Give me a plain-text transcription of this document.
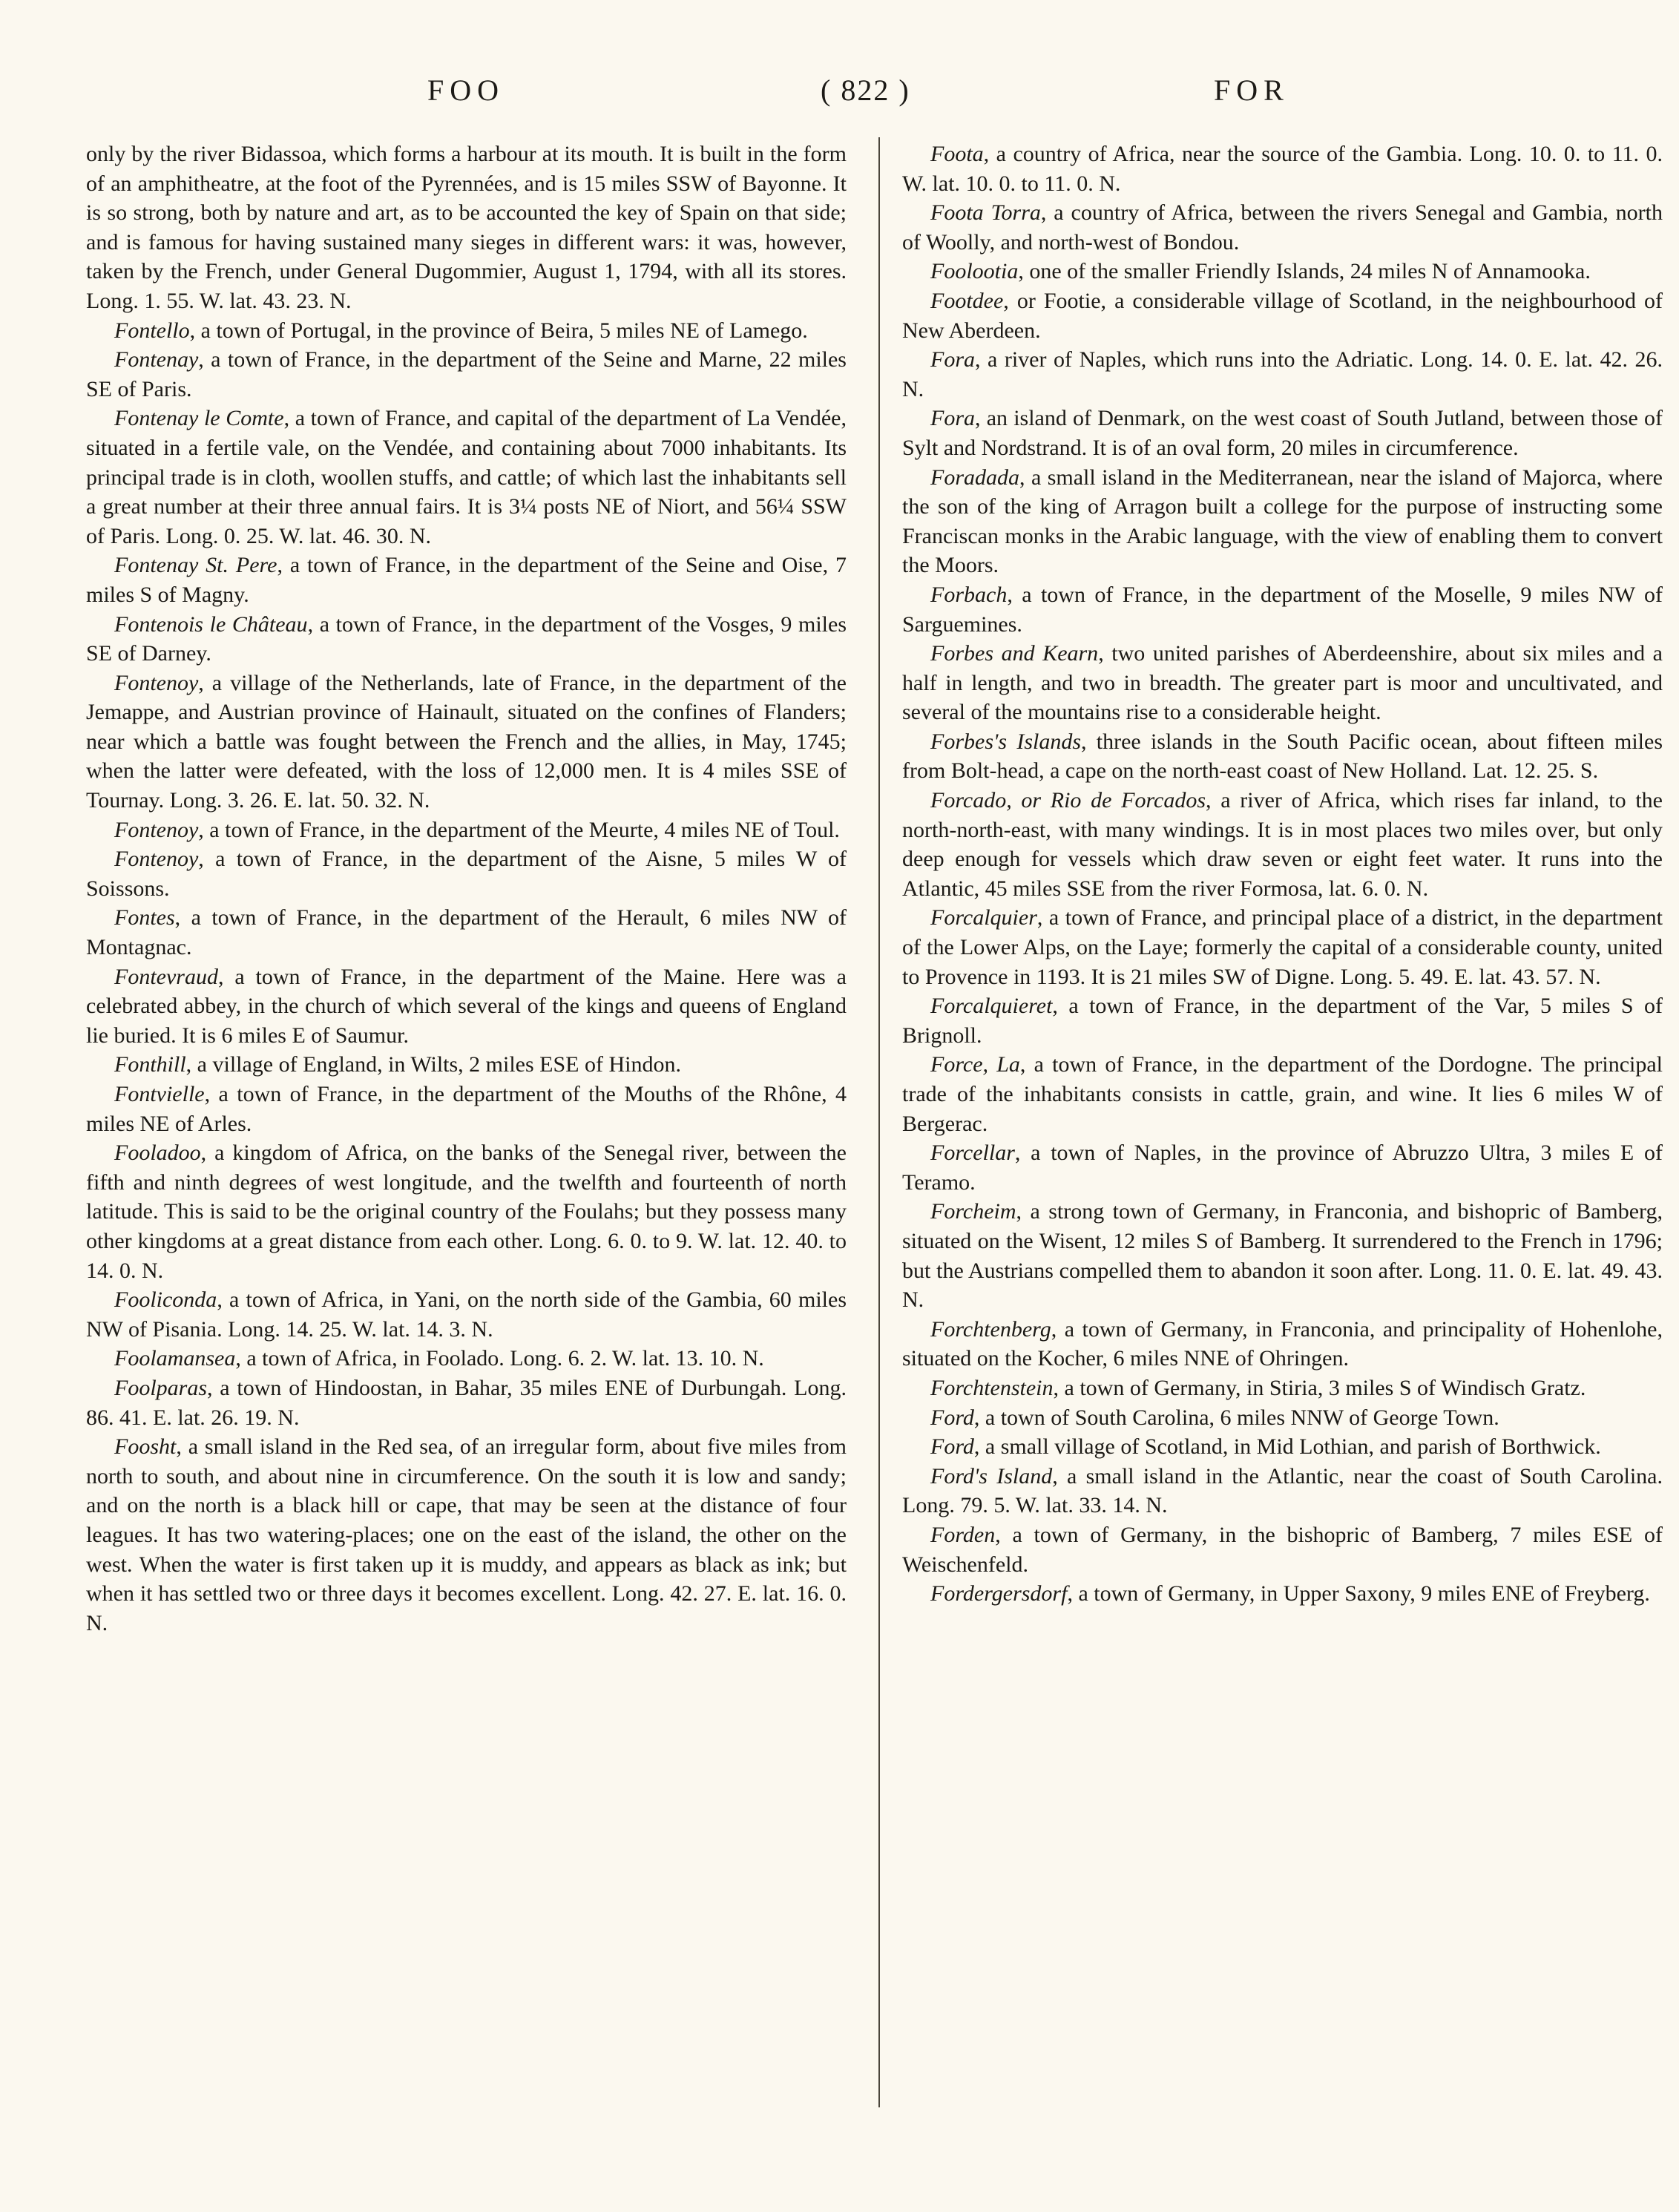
FOO	( 822 )	FOR

only by the river Bidassoa, which forms a harbour at its mouth. It is built in the form of an amphitheatre, at the foot of the Pyrennées, and is 15 miles SSW of Bayonne. It is so strong, both by nature and art, as to be accounted the key of Spain on that side; and is famous for having sustained many sieges in different wars: it was, however, taken by the French, under General Dugommier, August 1, 1794, with all its stores. Long. 1. 55. W. lat. 43. 23. N.

Fontello, a town of Portugal, in the province of Beira, 5 miles NE of Lamego.

Fontenay, a town of France, in the department of the Seine and Marne, 22 miles SE of Paris.

Fontenay le Comte, a town of France, and capital of the department of La Vendée, situated in a fertile vale, on the Vendée, and containing about 7000 inhabitants. Its principal trade is in cloth, woollen stuffs, and cattle; of which last the inhabitants sell a great number at their three annual fairs. It is 3¼ posts NE of Niort, and 56¼ SSW of Paris. Long. 0. 25. W. lat. 46. 30. N.

Fontenay St. Pere, a town of France, in the department of the Seine and Oise, 7 miles S of Magny.

Fontenois le Château, a town of France, in the department of the Vosges, 9 miles SE of Darney.

Fontenoy, a village of the Netherlands, late of France, in the department of the Jemappe, and Austrian province of Hainault, situated on the confines of Flanders; near which a battle was fought between the French and the allies, in May, 1745; when the latter were defeated, with the loss of 12,000 men. It is 4 miles SSE of Tournay. Long. 3. 26. E. lat. 50. 32. N.

Fontenoy, a town of France, in the department of the Meurte, 4 miles NE of Toul.

Fontenoy, a town of France, in the department of the Aisne, 5 miles W of Soissons.

Fontes, a town of France, in the department of the Herault, 6 miles NW of Montagnac.

Fontevraud, a town of France, in the department of the Maine. Here was a celebrated abbey, in the church of which several of the kings and queens of England lie buried. It is 6 miles E of Saumur.

Fonthill, a village of England, in Wilts, 2 miles ESE of Hindon.

Fontvielle, a town of France, in the department of the Mouths of the Rhône, 4 miles NE of Arles.

Fooladoo, a kingdom of Africa, on the banks of the Senegal river, between the fifth and ninth degrees of west longitude, and the twelfth and fourteenth of north latitude. This is said to be the original country of the Foulahs; but they possess many other kingdoms at a great distance from each other. Long. 6. 0. to 9. W. lat. 12. 40. to 14. 0. N.

Fooliconda, a town of Africa, in Yani, on the north side of the Gambia, 60 miles NW of Pisania. Long. 14. 25. W. lat. 14. 3. N.

Foolamansea, a town of Africa, in Foolado. Long. 6. 2. W. lat. 13. 10. N.

Foolparas, a town of Hindoostan, in Bahar, 35 miles ENE of Durbungah. Long. 86. 41. E. lat. 26. 19. N.

Foosht, a small island in the Red sea, of an irregular form, about five miles from north to south, and about nine in circumference. On the south it is low and sandy; and on the north is a black hill or cape, that may be seen at the distance of four leagues. It has two watering-places; one on the east of the island, the other on the west. When the water is first taken up it is muddy, and appears as black as ink; but when it has settled two or three days it becomes excellent. Long. 42. 27. E. lat. 16. 0. N.

Foota, a country of Africa, near the source of the Gambia. Long. 10. 0. to 11. 0. W. lat. 10. 0. to 11. 0. N.

Foota Torra, a country of Africa, between the rivers Senegal and Gambia, north of Woolly, and north-west of Bondou.

Foolootia, one of the smaller Friendly Islands, 24 miles N of Annamooka.

Footdee, or Footie, a considerable village of Scotland, in the neighbourhood of New Aberdeen.

Fora, a river of Naples, which runs into the Adriatic. Long. 14. 0. E. lat. 42. 26. N.

Fora, an island of Denmark, on the west coast of South Jutland, between those of Sylt and Nordstrand. It is of an oval form, 20 miles in circumference.

Foradada, a small island in the Mediterranean, near the island of Majorca, where the son of the king of Arragon built a college for the purpose of instructing some Franciscan monks in the Arabic language, with the view of enabling them to convert the Moors.

Forbach, a town of France, in the department of the Moselle, 9 miles NW of Sarguemines.

Forbes and Kearn, two united parishes of Aberdeenshire, about six miles and a half in length, and two in breadth. The greater part is moor and uncultivated, and several of the mountains rise to a considerable height.

Forbes's Islands, three islands in the South Pacific ocean, about fifteen miles from Bolt-head, a cape on the north-east coast of New Holland. Lat. 12. 25. S.

Forcado, or Rio de Forcados, a river of Africa, which rises far inland, to the north-north-east, with many windings. It is in most places two miles over, but only deep enough for vessels which draw seven or eight feet water. It runs into the Atlantic, 45 miles SSE from the river Formosa, lat. 6. 0. N.

Forcalquier, a town of France, and principal place of a district, in the department of the Lower Alps, on the Laye; formerly the capital of a considerable county, united to Provence in 1193. It is 21 miles SW of Digne. Long. 5. 49. E. lat. 43. 57. N.

Forcalquieret, a town of France, in the department of the Var, 5 miles S of Brignoll.

Force, La, a town of France, in the department of the Dordogne. The principal trade of the inhabitants consists in cattle, grain, and wine. It lies 6 miles W of Bergerac.

Forcellar, a town of Naples, in the province of Abruzzo Ultra, 3 miles E of Teramo.

Forcheim, a strong town of Germany, in Franconia, and bishopric of Bamberg, situated on the Wisent, 12 miles S of Bamberg. It surrendered to the French in 1796; but the Austrians compelled them to abandon it soon after. Long. 11. 0. E. lat. 49. 43. N.

Forchtenberg, a town of Germany, in Franconia, and principality of Hohenlohe, situated on the Kocher, 6 miles NNE of Ohringen.

Forchtenstein, a town of Germany, in Stiria, 3 miles S of Windisch Gratz.

Ford, a town of South Carolina, 6 miles NNW of George Town.

Ford, a small village of Scotland, in Mid Lothian, and parish of Borthwick.

Ford's Island, a small island in the Atlantic, near the coast of South Carolina. Long. 79. 5. W. lat. 33. 14. N.

Forden, a town of Germany, in the bishopric of Bamberg, 7 miles ESE of Weischenfeld.

Fordergersdorf, a town of Germany, in Upper Saxony, 9 miles ENE of Freyberg.
